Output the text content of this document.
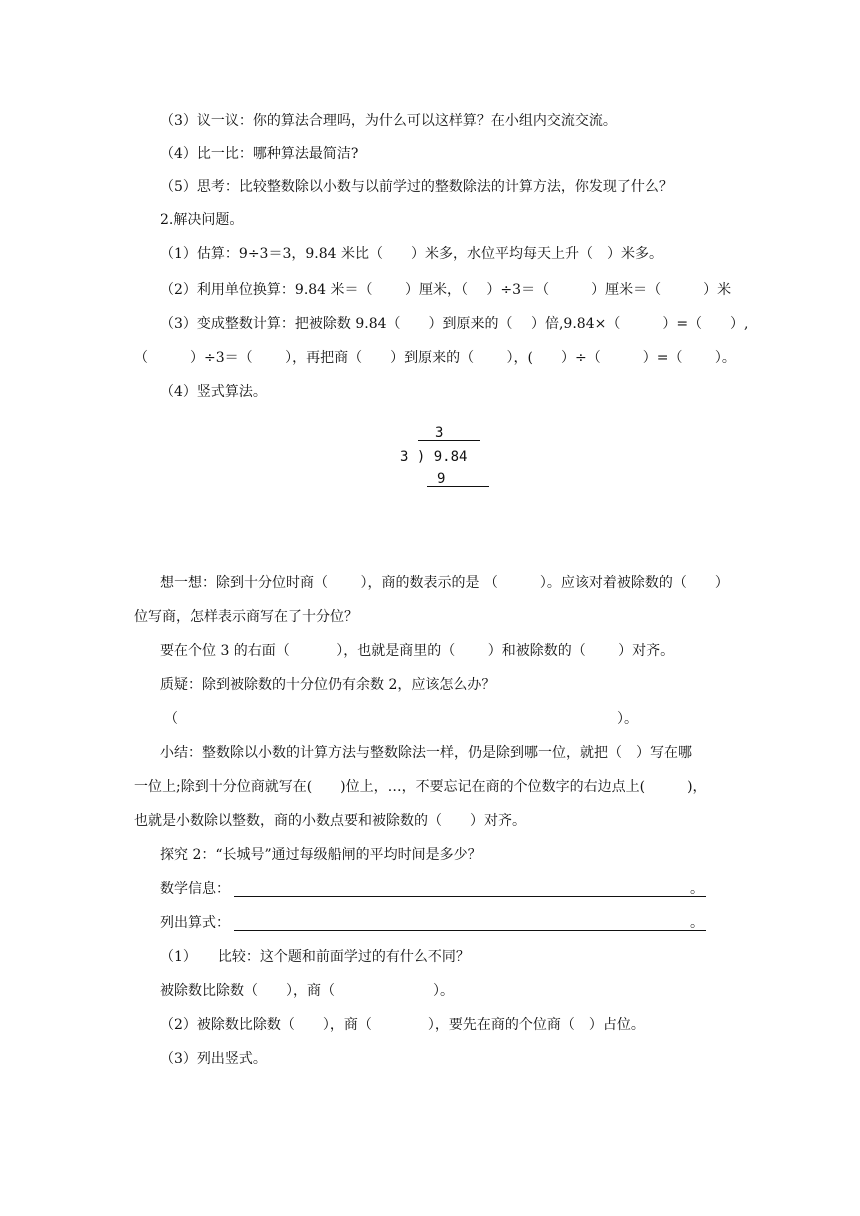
（3）议一议：你的算法合理吗，为什么可以这样算？在小组内交流交流。
（4）比一比：哪种算法最简洁?
（5）思考：比较整数除以小数与以前学过的整数除法的计算方法，你发现了什么？
2.解决问题。
（1）估算：9÷3＝3，9.84 米比（　　）米多，水位平均每天上升（　）米多。
（2）利用单位换算：9.84 米＝（　　 ）厘米，（　 ）÷3＝（　　　）厘米＝（　　　）米
（3）变成整数计算：把被除数 9.84（　　）到原来的（　 ）倍,9.84×（　　　）=（　　）,
（　　　）÷3＝（　　 ），再把商（　　）到原来的（　　 ），(　　）÷（　　　）=（　　 ）。
（4）竖式算法。
3
3 ) 9.84
9
想一想：除到十分位时商（　　 ），商的数表示的是 （　　　）。应该对着被除数的（　　）
位写商，怎样表示商写在了十分位？
要在个位 3 的右面（　　　 ），也就是商里的（　　 ）和被除数的（　　 ）对齐。
质疑：除到被除数的十分位仍有余数 2，应该怎么办？
（	）。
小结：整数除以小数的计算方法与整数除法一样，仍是除到哪一位，就把（　）写在哪
一位上;除到十分位商就写在(　　)位上，…，不要忘记在商的个位数字的右边点上(　　　)，
也就是小数除以整数，商的小数点要和被除数的（　　）对齐。
探究 2：“长城号”通过每级船闸的平均时间是多少？
数学信息：	。
列出算式：	。
（1）　　比较：这个题和前面学过的有什么不同？
被除数比除数（　　），商（　　　　　　　）。
（2）被除数比除数（　　），商（　　　　），要先在商的个位商（　）占位。
（3）列出竖式。
